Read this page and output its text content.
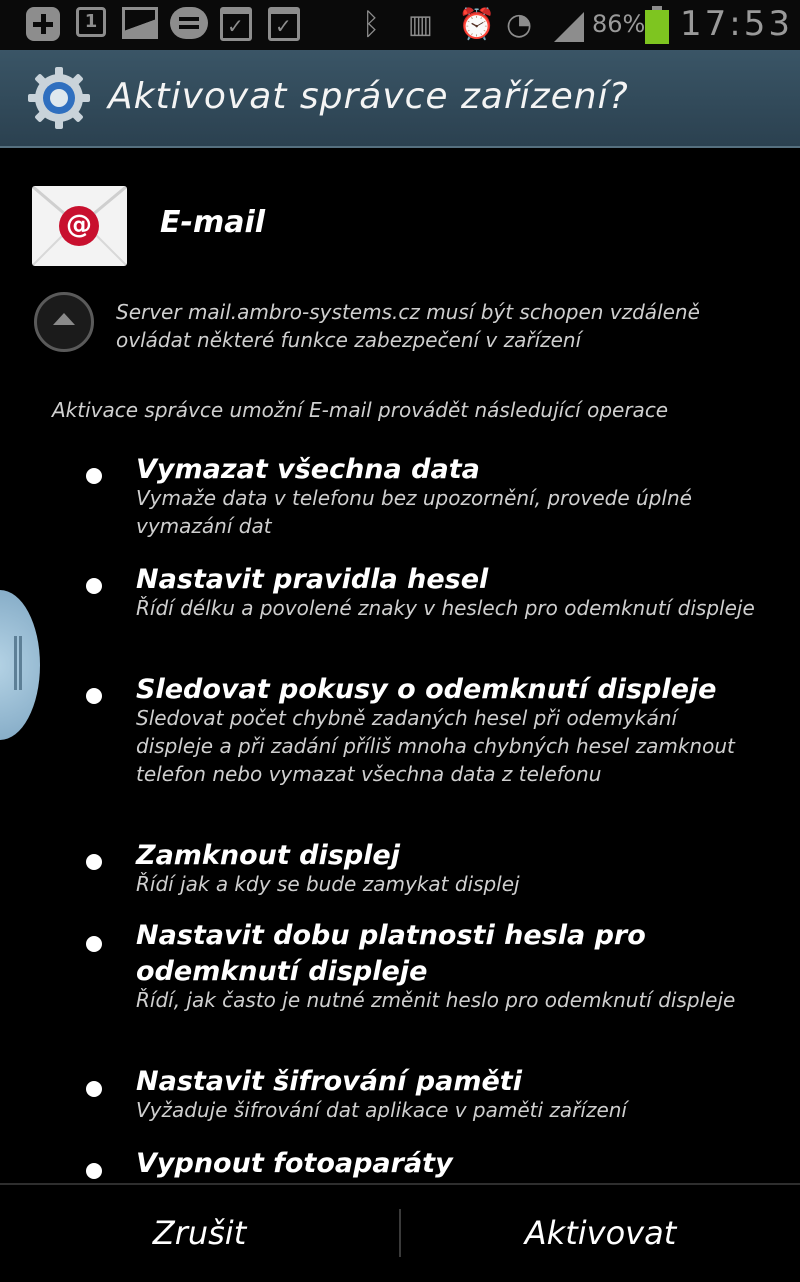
1 ✓ ✓	ᛒ ▥ ⏰ ◔ 86% 17:53
Aktivovat správce zařízení?
@ E-mail
Server mail.ambro-systems.cz musí být schopen vzdáleně ovládat některé funkce zabezpečení v zařízení
Aktivace správce umožní E-mail provádět následující operace
Vymazat všechna data
Vymaže data v telefonu bez upozornění, provede úplné vymazání dat
Nastavit pravidla hesel
Řídí délku a povolené znaky v heslech pro odemknutí displeje
Sledovat pokusy o odemknutí displeje
Sledovat počet chybně zadaných hesel při odemykání displeje a při zadání příliš mnoha chybných hesel zamknout telefon nebo vymazat všechna data z telefonu
Zamknout displej
Řídí jak a kdy se bude zamykat displej
Nastavit dobu platnosti hesla pro odemknutí displeje
Řídí, jak často je nutné změnit heslo pro odemknutí displeje
Nastavit šifrování paměti
Vyžaduje šifrování dat aplikace v paměti zařízení
Vypnout fotoaparáty
Zrušit	Aktivovat
